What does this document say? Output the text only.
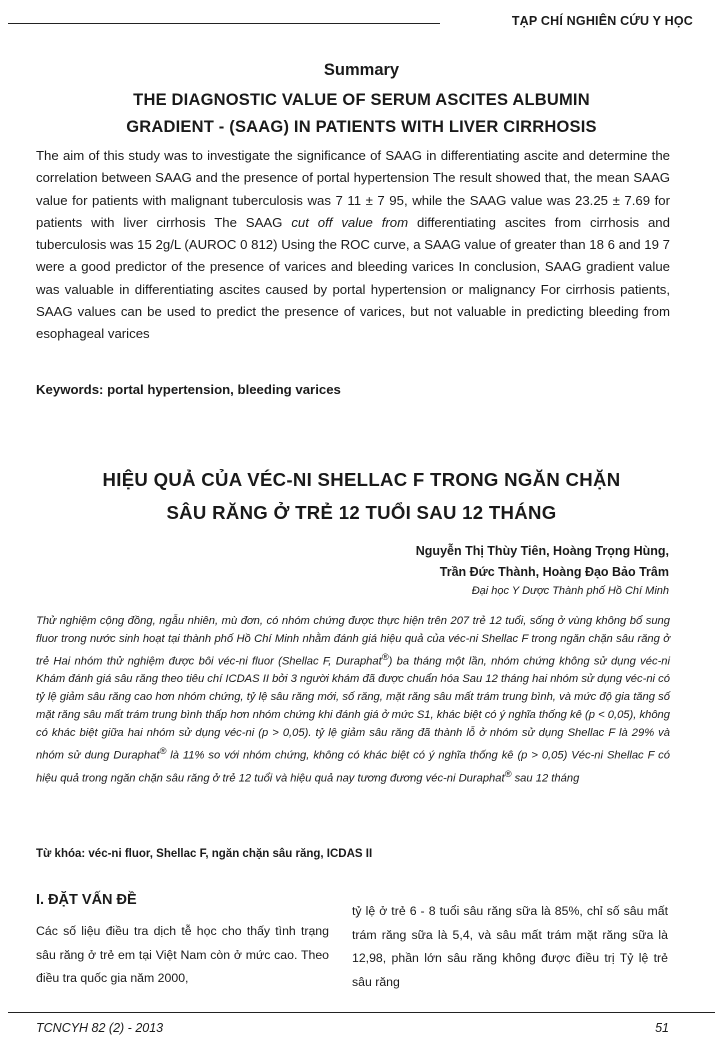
TẠP CHÍ NGHIÊN CỨU Y HỌC
Summary
THE DIAGNOSTIC VALUE OF SERUM ASCITES ALBUMIN
GRADIENT - (SAAG) IN PATIENTS WITH LIVER CIRRHOSIS

The aim of this study was to investigate the significance of SAAG in differentiating ascite and determine the correlation between SAAG and the presence of portal hypertension The result showed that, the mean SAAG value for patients with malignant tuberculosis was 7 11 ± 7 95, while the SAAG value was 23.25 ± 7.69 for patients with liver cirrhosis The SAAG cut off value from differentiating ascites from cirrhosis and tuberculosis was 15 2g/L (AUROC 0 812) Using the ROC curve, a SAAG value of greater than 18 6 and 19 7 were a good predictor of the presence of varices and bleeding varices In conclusion, SAAG gradient value was valuable in differentiating ascites caused by portal hypertension or malignancy For cirrhosis patients, SAAG values can be used to predict the presence of varices, but not valuable in predicting bleeding from esophageal varices

Keywords: portal hypertension, bleeding varices
HIỆU QUẢ CỦA VÉC-NI SHELLAC F TRONG NGĂN CHẶN
SÂU RĂNG Ở TRẺ 12 TUỔI SAU 12 THÁNG
Nguyễn Thị Thùy Tiên, Hoàng Trọng Hùng,
Trần Đức Thành, Hoàng Đạo Bảo Trâm
Đại học Y Dược Thành phố Hồ Chí Minh

Thử nghiệm cộng đồng, ngẫu nhiên, mù đơn, có nhóm chứng được thực hiện trên 207 trẻ 12 tuổi, sống ở vùng không bổ sung fluor trong nước sinh hoạt tại thành phố Hồ Chí Minh nhằm đánh giá hiệu quả của véc-ni Shellac F trong ngăn chặn sâu răng ở trẻ Hai nhóm thử nghiệm được bôi véc-ni fluor (Shellac F, Duraphat®) ba tháng một lần, nhóm chứng không sử dụng véc-ni Khám đánh giá sâu răng theo tiêu chí ICDAS II bởi 3 người khám đã được chuẩn hóa Sau 12 tháng hai nhóm sử dụng véc-ni có tỷ lệ giảm sâu răng cao hơn nhóm chứng, tỷ lệ sâu răng mới, số răng, mặt răng sâu mất trám trung bình, và mức độ gia tăng số mặt răng sâu mất trám trung bình thấp hơn nhóm chứng khi đánh giá ở mức S1, khác biệt có ý nghĩa thống kê (p < 0,05), không có khác biệt giữa hai nhóm sử dụng véc-ni (p > 0,05). tỷ lệ giảm sâu răng đã thành lỗ ở nhóm sử dụng Shellac F là 29% và nhóm sử dung Duraphat® là 11% so với nhóm chứng, không có khác biệt có ý nghĩa thống kê (p > 0,05) Véc-ni Shellac F có hiệu quả trong ngăn chặn sâu răng ở trẻ 12 tuổi và hiệu quả nay tương đương véc-ni Duraphat® sau 12 tháng

Từ khóa: véc-ni fluor, Shellac F, ngăn chặn sâu răng, ICDAS II
I. ĐẶT VẤN ĐỀ

Các số liệu điều tra dịch tễ học cho thấy tình trạng sâu răng ở trẻ em tại Việt Nam còn ở mức cao. Theo điều tra quốc gia năm 2000,

tỷ lệ ở trẻ 6 - 8 tuổi sâu răng sữa là 85%, chỉ số sâu mất trám răng sữa là 5,4, và sâu mất trám mặt răng sữa là 12,98, phần lớn sâu răng không được điều trị Tỷ lệ trẻ sâu răng

TCNCYH 82 (2) - 2013	51
